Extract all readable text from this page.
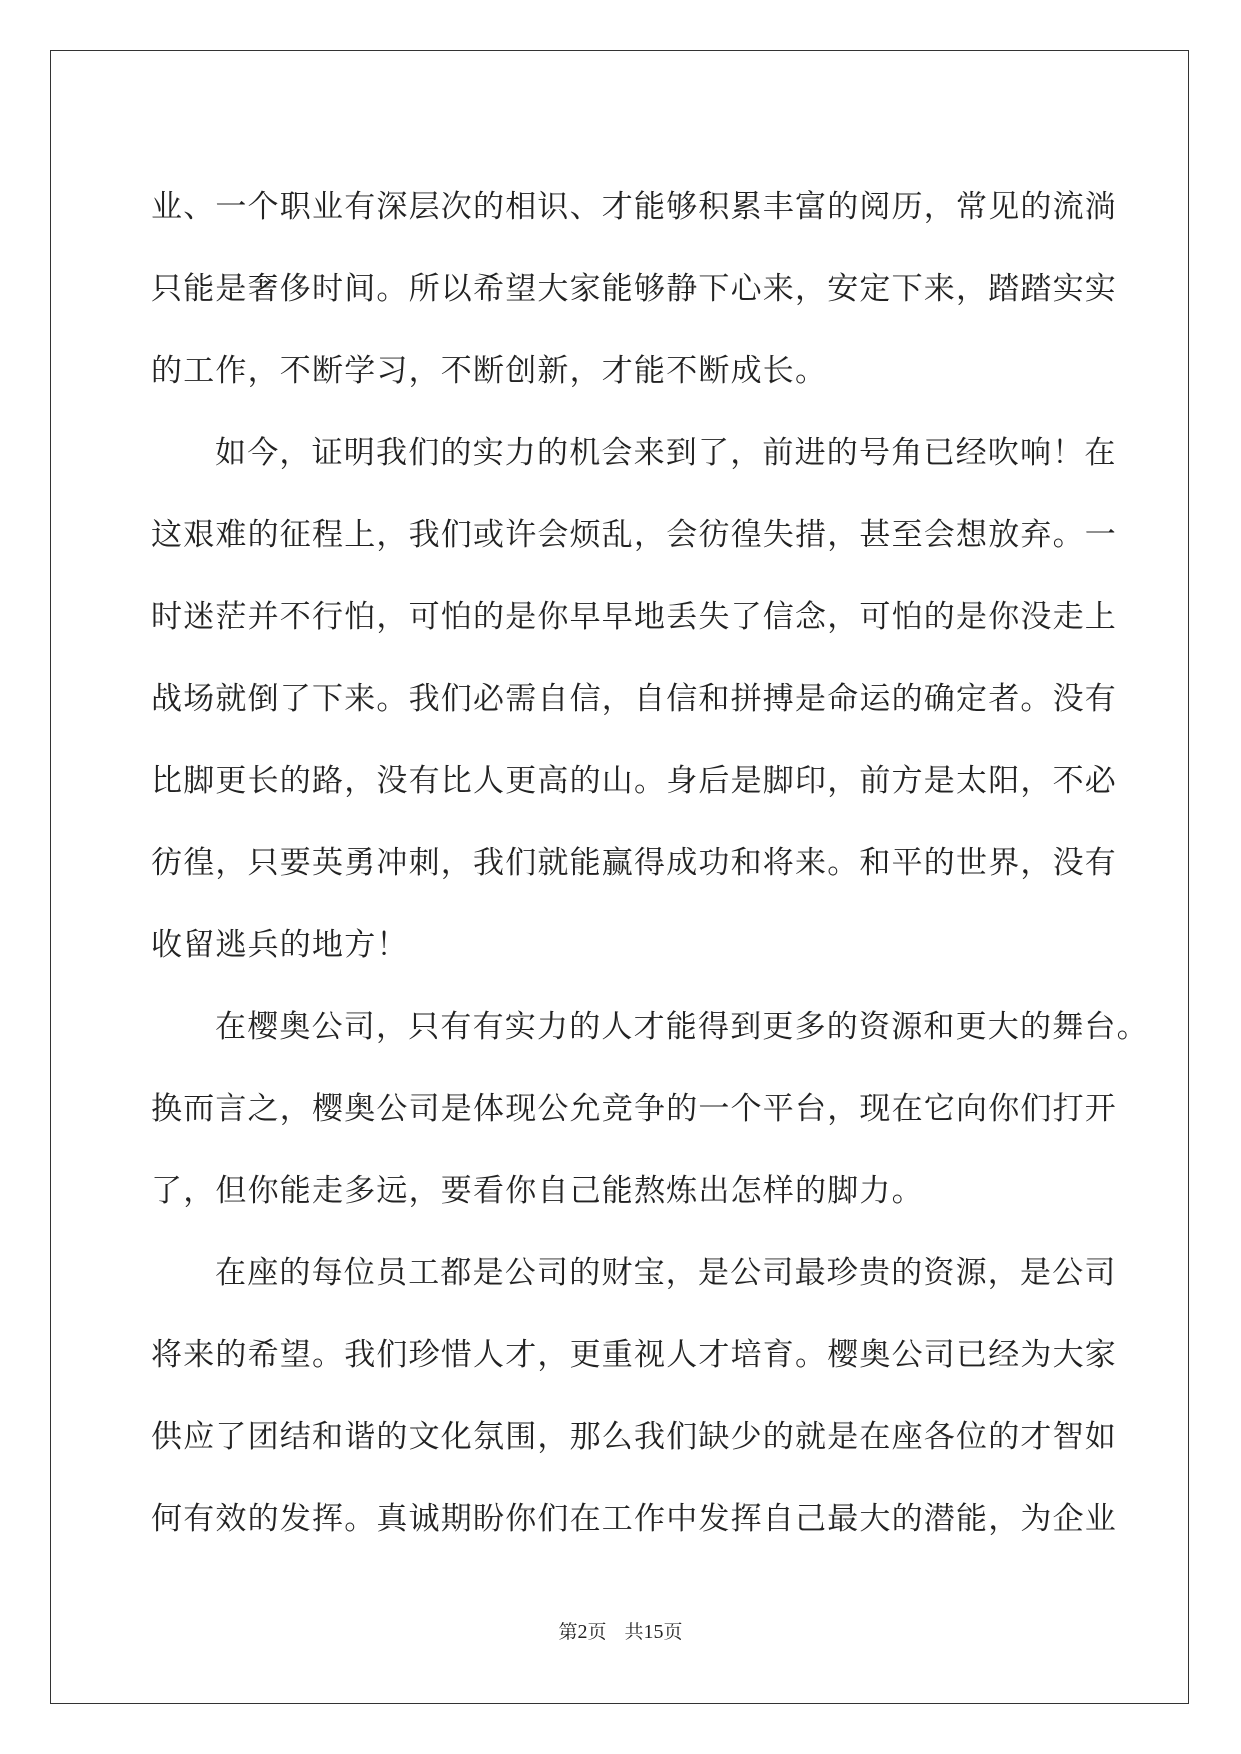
业、一个职业有深层次的相识、才能够积累丰富的阅历，常见的流淌
只能是奢侈时间。所以希望大家能够静下心来，安定下来，踏踏实实
的工作，不断学习，不断创新，才能不断成长。
如今，证明我们的实力的机会来到了，前进的号角已经吹响！在
这艰难的征程上，我们或许会烦乱，会彷徨失措，甚至会想放弃。一
时迷茫并不行怕，可怕的是你早早地丢失了信念，可怕的是你没走上
战场就倒了下来。我们必需自信，自信和拼搏是命运的确定者。没有
比脚更长的路，没有比人更高的山。身后是脚印，前方是太阳，不必
彷徨，只要英勇冲刺，我们就能赢得成功和将来。和平的世界，没有
收留逃兵的地方！
在樱奥公司，只有有实力的人才能得到更多的资源和更大的舞台。
换而言之，樱奥公司是体现公允竞争的一个平台，现在它向你们打开
了，但你能走多远，要看你自己能熬炼出怎样的脚力。
在座的每位员工都是公司的财宝，是公司最珍贵的资源，是公司
将来的希望。我们珍惜人才，更重视人才培育。樱奥公司已经为大家
供应了团结和谐的文化氛围，那么我们缺少的就是在座各位的才智如
何有效的发挥。真诚期盼你们在工作中发挥自己最大的潜能，为企业
第2页 共15页
